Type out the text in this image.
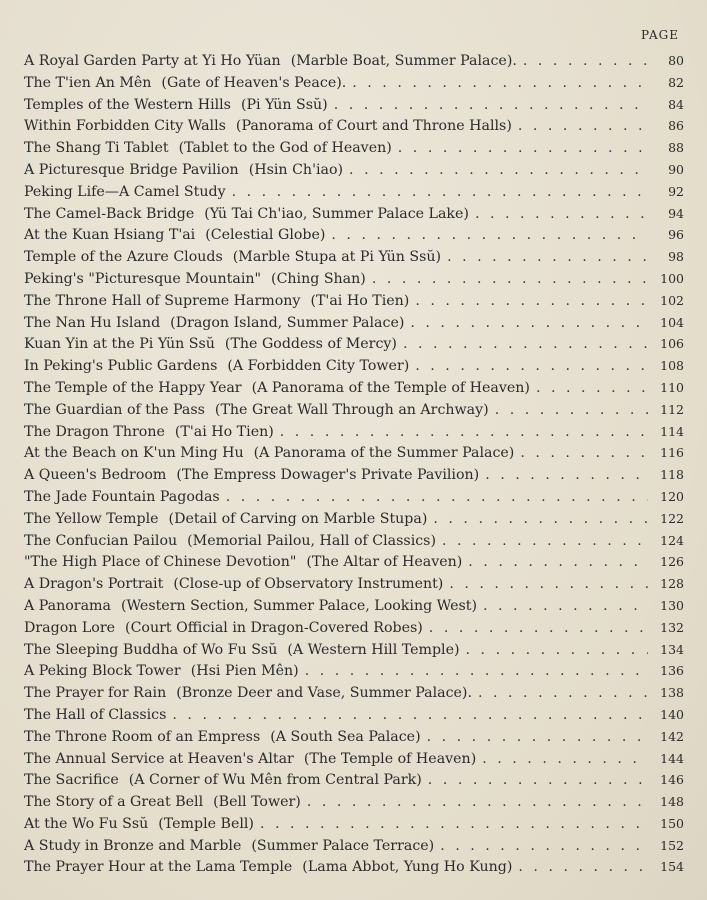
PAGE
A Royal Garden Party at Yi Ho Yüan (Marble Boat, Summer Palace). . . .	80
The T'ien An Mên (Gate of Heaven's Peace). . . .	82
Temples of the Western Hills (Pi Yün Ssŭ) . . .	84
Within Forbidden City Walls (Panorama of Court and Throne Halls) . . .	86
The Shang Ti Tablet (Tablet to the God of Heaven) . . .	88
A Picturesque Bridge Pavilion (Hsin Ch'iao) . . .	90
Peking Life—A Camel Study . . .	92
The Camel-Back Bridge (Yü Tai Ch'iao, Summer Palace Lake) . . .	94
At the Kuan Hsiang T'ai (Celestial Globe) . . .	96
Temple of the Azure Clouds (Marble Stupa at Pi Yün Ssŭ) . . .	98
Peking's "Picturesque Mountain" (Ching Shan) . . .	100
The Throne Hall of Supreme Harmony (T'ai Ho Tien) . . .	102
The Nan Hu Island (Dragon Island, Summer Palace) . . .	104
Kuan Yin at the Pi Yün Ssŭ (The Goddess of Mercy) . . .	106
In Peking's Public Gardens (A Forbidden City Tower) . . .	108
The Temple of the Happy Year (A Panorama of the Temple of Heaven) . . .	110
The Guardian of the Pass (The Great Wall Through an Archway) . . .	112
The Dragon Throne (T'ai Ho Tien) . . .	114
At the Beach on K'un Ming Hu (A Panorama of the Summer Palace) . . .	116
A Queen's Bedroom (The Empress Dowager's Private Pavilion) . . .	118
The Jade Fountain Pagodas . . .	120
The Yellow Temple (Detail of Carving on Marble Stupa) . . .	122
The Confucian Pailou (Memorial Pailou, Hall of Classics) . . .	124
"The High Place of Chinese Devotion" (The Altar of Heaven) . . .	126
A Dragon's Portrait (Close-up of Observatory Instrument) . . .	128
A Panorama (Western Section, Summer Palace, Looking West) . . .	130
Dragon Lore (Court Official in Dragon-Covered Robes) . . .	132
The Sleeping Buddha of Wo Fu Ssŭ (A Western Hill Temple) . . .	134
A Peking Block Tower (Hsi Pien Mên) . . .	136
The Prayer for Rain (Bronze Deer and Vase, Summer Palace). . . .	138
The Hall of Classics . . .	140
The Throne Room of an Empress (A South Sea Palace) . . .	142
The Annual Service at Heaven's Altar (The Temple of Heaven) . . .	144
The Sacrifice (A Corner of Wu Mên from Central Park) . . .	146
The Story of a Great Bell (Bell Tower) . . .	148
At the Wo Fu Ssŭ (Temple Bell) . . .	150
A Study in Bronze and Marble (Summer Palace Terrace) . . .	152
The Prayer Hour at the Lama Temple (Lama Abbot, Yung Ho Kung) . . .	154
